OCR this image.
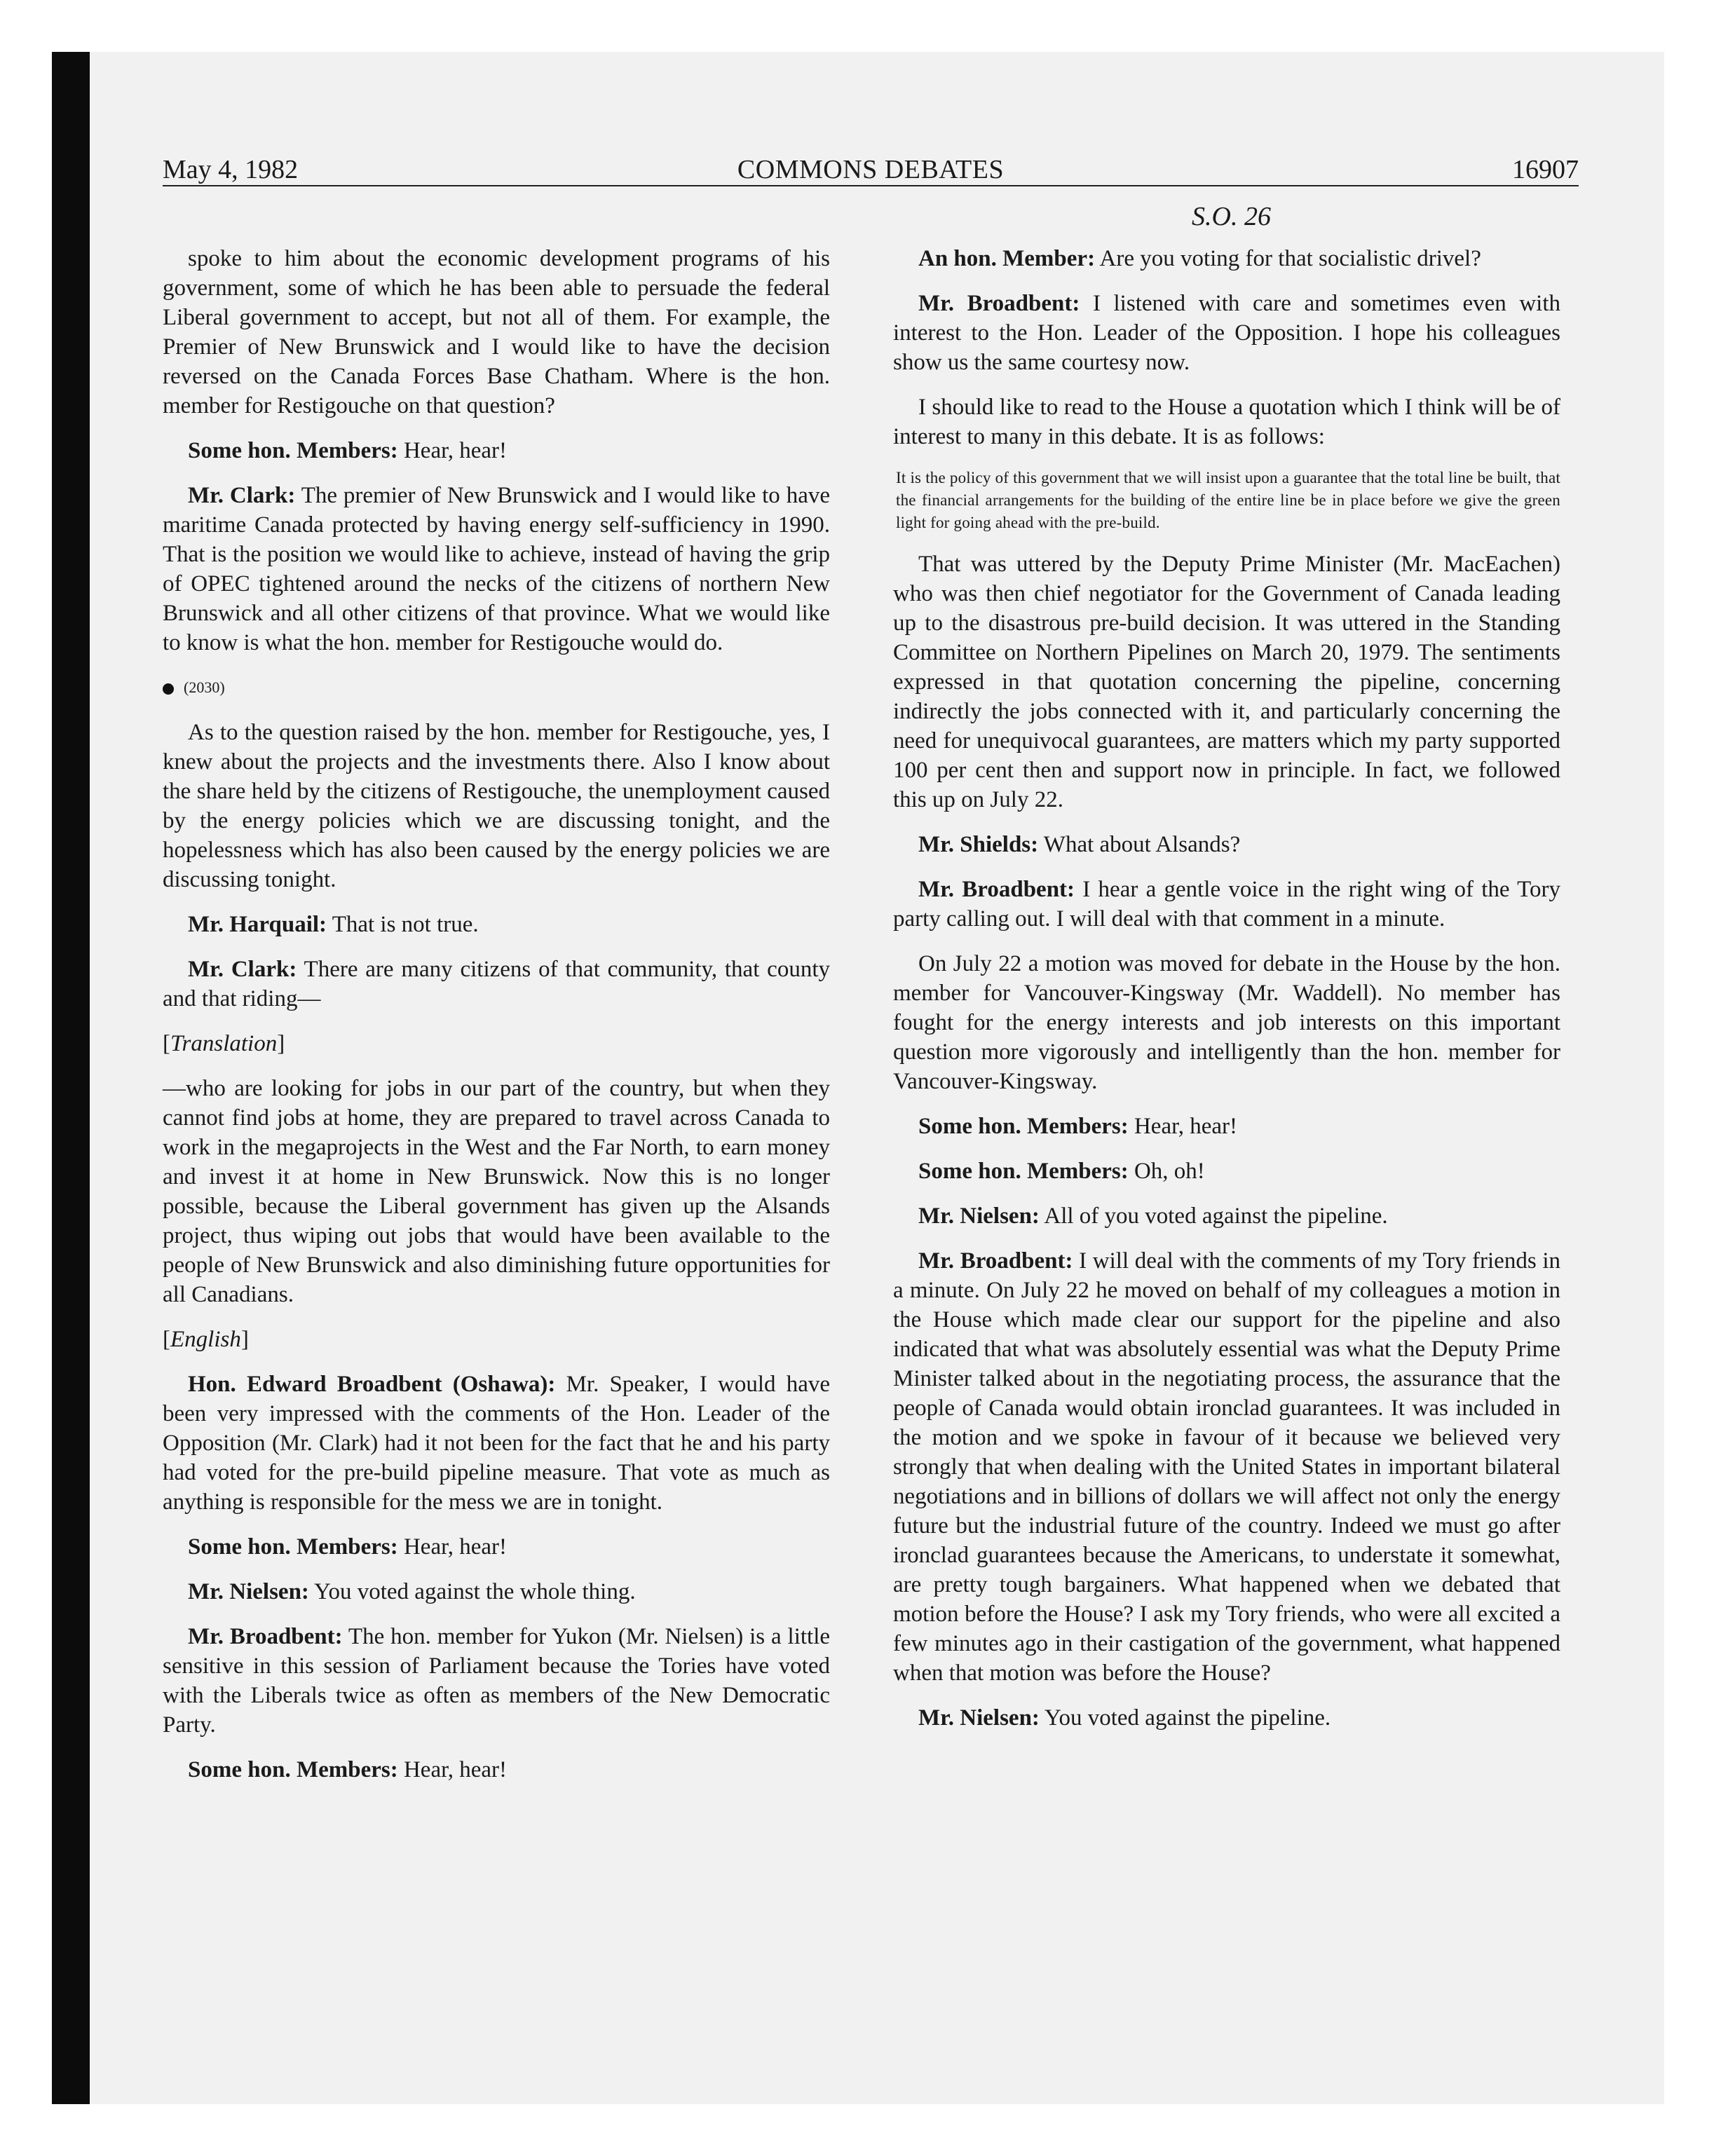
May 4, 1982	COMMONS DEBATES	16907
S.O. 26

spoke to him about the economic development programs of his government, some of which he has been able to persuade the federal Liberal government to accept, but not all of them. For example, the Premier of New Brunswick and I would like to have the decision reversed on the Canada Forces Base Chatham. Where is the hon. member for Restigouche on that question?

Some hon. Members: Hear, hear!

Mr. Clark: The premier of New Brunswick and I would like to have maritime Canada protected by having energy self-sufficiency in 1990. That is the position we would like to achieve, instead of having the grip of OPEC tightened around the necks of the citizens of northern New Brunswick and all other citizens of that province. What we would like to know is what the hon. member for Restigouche would do.

(2030)

As to the question raised by the hon. member for Restigouche, yes, I knew about the projects and the investments there. Also I know about the share held by the citizens of Restigouche, the unemployment caused by the energy policies which we are discussing tonight, and the hopelessness which has also been caused by the energy policies we are discussing tonight.

Mr. Harquail: That is not true.

Mr. Clark: There are many citizens of that community, that county and that riding—

[Translation]

—who are looking for jobs in our part of the country, but when they cannot find jobs at home, they are prepared to travel across Canada to work in the megaprojects in the West and the Far North, to earn money and invest it at home in New Brunswick. Now this is no longer possible, because the Liberal government has given up the Alsands project, thus wiping out jobs that would have been available to the people of New Brunswick and also diminishing future opportunities for all Canadians.

[English]

Hon. Edward Broadbent (Oshawa): Mr. Speaker, I would have been very impressed with the comments of the Hon. Leader of the Opposition (Mr. Clark) had it not been for the fact that he and his party had voted for the pre-build pipeline measure. That vote as much as anything is responsible for the mess we are in tonight.

Some hon. Members: Hear, hear!

Mr. Nielsen: You voted against the whole thing.

Mr. Broadbent: The hon. member for Yukon (Mr. Nielsen) is a little sensitive in this session of Parliament because the Tories have voted with the Liberals twice as often as members of the New Democratic Party.

Some hon. Members: Hear, hear!

An hon. Member: Are you voting for that socialistic drivel?

Mr. Broadbent: I listened with care and sometimes even with interest to the Hon. Leader of the Opposition. I hope his colleagues show us the same courtesy now.

I should like to read to the House a quotation which I think will be of interest to many in this debate. It is as follows:

It is the policy of this government that we will insist upon a guarantee that the total line be built, that the financial arrangements for the building of the entire line be in place before we give the green light for going ahead with the pre-build.

That was uttered by the Deputy Prime Minister (Mr. MacEachen) who was then chief negotiator for the Government of Canada leading up to the disastrous pre-build decision. It was uttered in the Standing Committee on Northern Pipelines on March 20, 1979. The sentiments expressed in that quotation concerning the pipeline, concerning indirectly the jobs connected with it, and particularly concerning the need for unequivocal guarantees, are matters which my party supported 100 per cent then and support now in principle. In fact, we followed this up on July 22.

Mr. Shields: What about Alsands?

Mr. Broadbent: I hear a gentle voice in the right wing of the Tory party calling out. I will deal with that comment in a minute.

On July 22 a motion was moved for debate in the House by the hon. member for Vancouver-Kingsway (Mr. Waddell). No member has fought for the energy interests and job interests on this important question more vigorously and intelligently than the hon. member for Vancouver-Kingsway.

Some hon. Members: Hear, hear!

Some hon. Members: Oh, oh!

Mr. Nielsen: All of you voted against the pipeline.

Mr. Broadbent: I will deal with the comments of my Tory friends in a minute. On July 22 he moved on behalf of my colleagues a motion in the House which made clear our support for the pipeline and also indicated that what was absolutely essential was what the Deputy Prime Minister talked about in the negotiating process, the assurance that the people of Canada would obtain ironclad guarantees. It was included in the motion and we spoke in favour of it because we believed very strongly that when dealing with the United States in important bilateral negotiations and in billions of dollars we will affect not only the energy future but the industrial future of the country. Indeed we must go after ironclad guarantees because the Americans, to understate it somewhat, are pretty tough bargainers. What happened when we debated that motion before the House? I ask my Tory friends, who were all excited a few minutes ago in their castigation of the government, what happened when that motion was before the House?

Mr. Nielsen: You voted against the pipeline.
